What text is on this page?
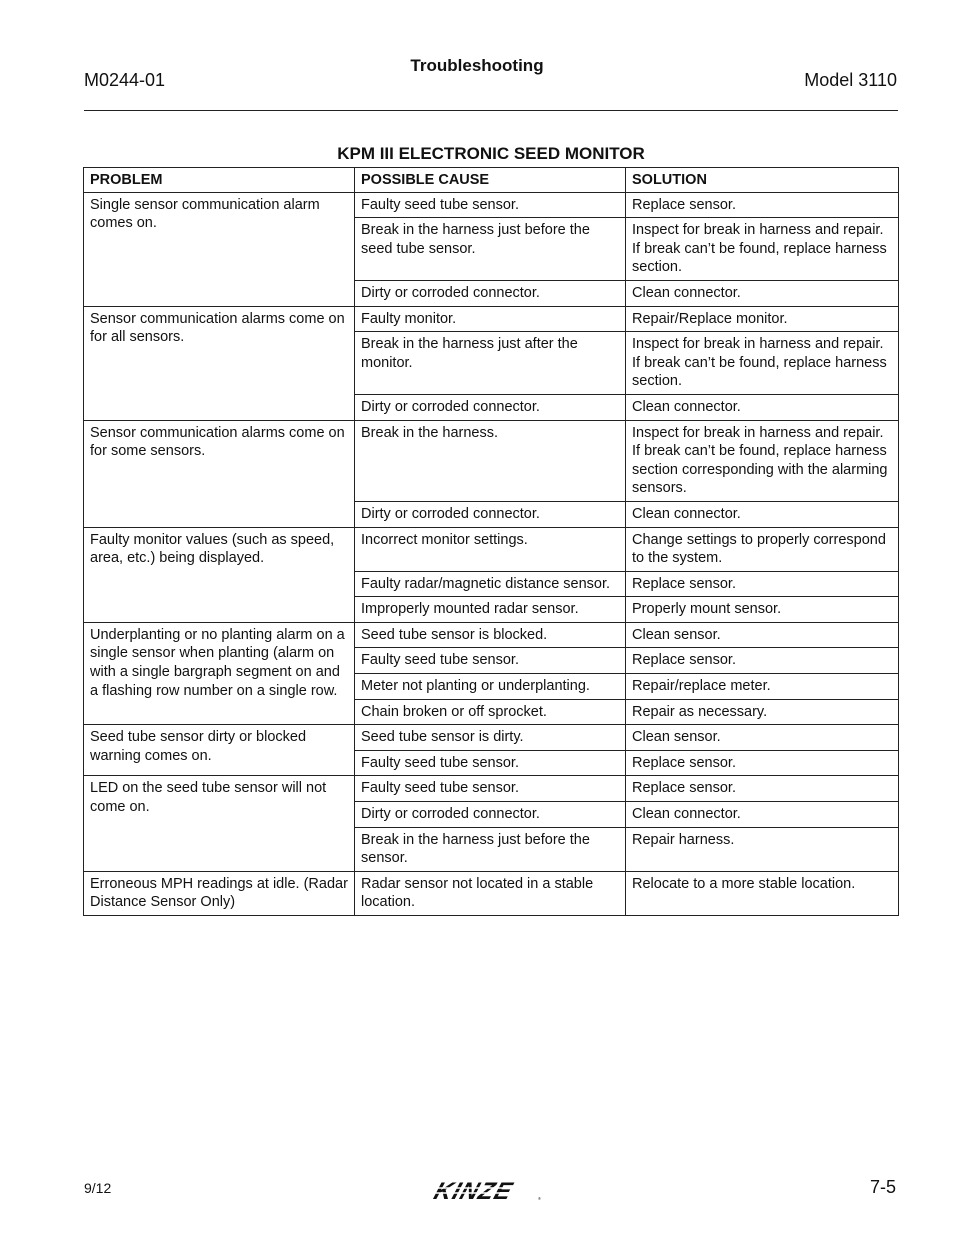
M0244-01
Troubleshooting
Model 3110
KPM III ELECTRONIC SEED MONITOR
PROBLEM	POSSIBLE CAUSE	SOLUTION
Single sensor communication alarm comes on.	Faulty seed tube sensor.	Replace sensor.
	Break in the harness just before the seed tube sensor.	Inspect for break in harness and repair. If break can’t be found, replace harness section.
	Dirty or corroded connector.	Clean connector.
Sensor communication alarms come on for all sensors.	Faulty monitor.	Repair/Replace monitor.
	Break in the harness just after the monitor.	Inspect for break in harness and repair. If break can’t be found, replace harness section.
	Dirty or corroded connector.	Clean connector.
Sensor communication alarms come on for some sensors.	Break in the harness.	Inspect for break in harness and repair. If break can’t be found, replace harness section corresponding with the alarming sensors.
	Dirty or corroded connector.	Clean connector.
Faulty monitor values (such as speed, area, etc.) being displayed.	Incorrect monitor settings.	Change settings to properly correspond to the system.
	Faulty radar/magnetic distance sensor.	Replace sensor.
	Improperly mounted radar sensor.	Properly mount sensor.
Underplanting or no planting alarm on a single sensor when planting (alarm on with a single bargraph segment on and a flashing row number on a single row.	Seed tube sensor is blocked.	Clean sensor.
	Faulty seed tube sensor.	Replace sensor.
	Meter not planting or underplanting.	Repair/replace meter.
	Chain broken or off sprocket.	Repair as necessary.
Seed tube sensor dirty or blocked warning comes on.	Seed tube sensor is dirty.	Clean sensor.
	Faulty seed tube sensor.	Replace sensor.
LED on the seed tube sensor will not come on.	Faulty seed tube sensor.	Replace sensor.
	Dirty or corroded connector.	Clean connector.
	Break in the harness just before the sensor.	Repair harness.
Erroneous MPH readings at idle. (Radar Distance Sensor Only)	Radar sensor not located in a stable location.	Relocate to a more stable location.
9/12	KINZE	®
7-5
